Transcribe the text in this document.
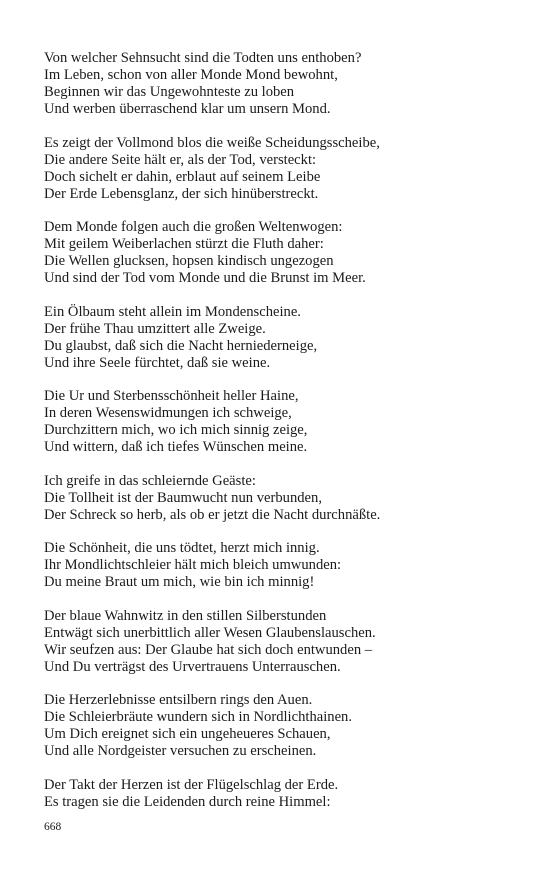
Von welcher Sehnsucht sind die Todten uns enthoben?
Im Leben, schon von aller Monde Mond bewohnt,
Beginnen wir das Ungewohnteste zu loben
Und werben überraschend klar um unsern Mond.
Es zeigt der Vollmond blos die weiße Scheidungsscheibe,
Die andere Seite hält er, als der Tod, versteckt:
Doch sichelt er dahin, erblaut auf seinem Leibe
Der Erde Lebensglanz, der sich hinüberstreckt.
Dem Monde folgen auch die großen Weltenwogen:
Mit geilem Weiberlachen stürzt die Fluth daher:
Die Wellen glucksen, hopsen kindisch ungezogen
Und sind der Tod vom Monde und die Brunst im Meer.
Ein Ölbaum steht allein im Mondenscheine.
Der frühe Thau umzittert alle Zweige.
Du glaubst, daß sich die Nacht herniederneige,
Und ihre Seele fürchtet, daß sie weine.
Die Ur und Sterbensschönheit heller Haine,
In deren Wesenswidmungen ich schweige,
Durchzittern mich, wo ich mich sinnig zeige,
Und wittern, daß ich tiefes Wünschen meine.
Ich greife in das schleiernde Geäste:
Die Tollheit ist der Baumwucht nun verbunden,
Der Schreck so herb, als ob er jetzt die Nacht durchnäßte.
Die Schönheit, die uns tödtet, herzt mich innig.
Ihr Mondlichtschleier hält mich bleich umwunden:
Du meine Braut um mich, wie bin ich minnig!
Der blaue Wahnwitz in den stillen Silberstunden
Entwägt sich unerbittlich aller Wesen Glaubenslauschen.
Wir seufzen aus: Der Glaube hat sich doch entwunden –
Und Du verträgst des Urvertrauens Unterrauschen.
Die Herzerlebnisse entsilbern rings den Auen.
Die Schleierbräute wundern sich in Nordlichthainen.
Um Dich ereignet sich ein ungeheueres Schauen,
Und alle Nordgeister versuchen zu erscheinen.
Der Takt der Herzen ist der Flügelschlag der Erde.
Es tragen sie die Leidenden durch reine Himmel:
668
